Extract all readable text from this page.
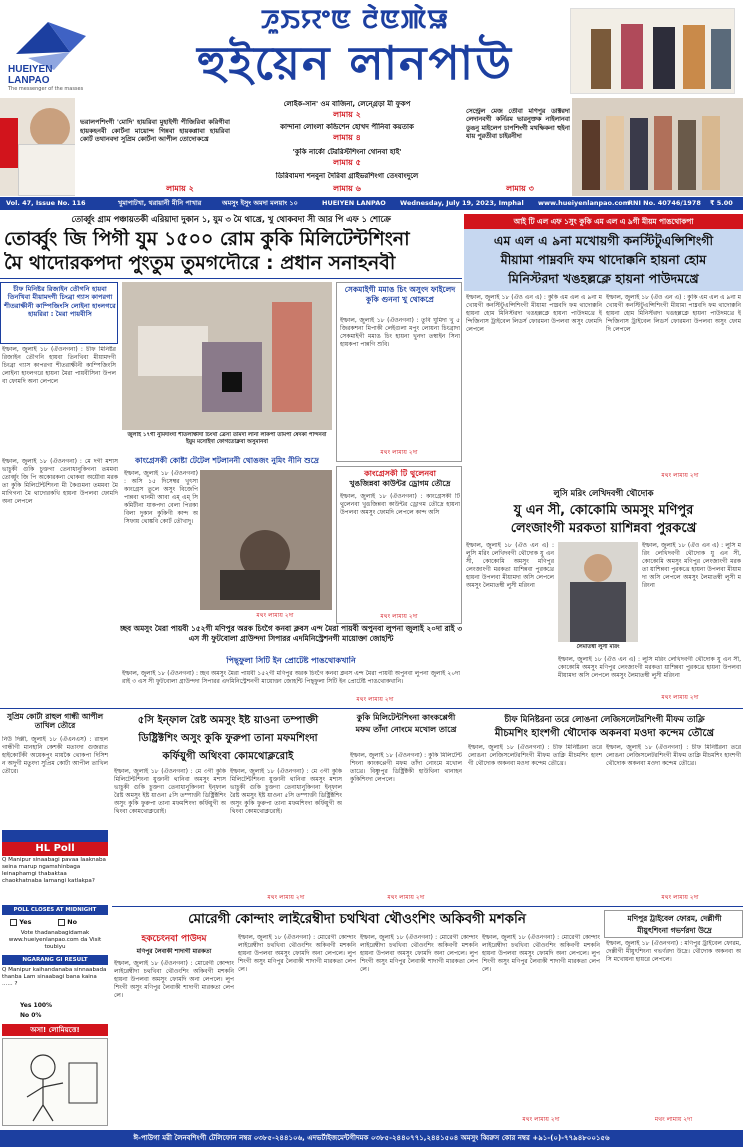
HUEIYEN LANPAO
The messenger of the masses
ꯍꯨꯏꯌꯦꯟ ꯂꯥꯟꯄꯥꯎ
হুইয়েন লানপাউ
ভরালপশিংগী 'মোদি' হায়রিবা মুহাইগী পীজিরিবা করিগীবা হায়কহনবী কোর্টনা মায়োন্দ গিন্নবা হায়কপ্লাবা হায়রিবা কোর্ট তথানবদা সুপ্রিম কোর্টনা আপীল তোদোকখ্রে
লামায় ২
লোইক-সান' ওম বাজিনা, লেন্গ্রেড়া মী ফুকপ
লামায় ২
কান্দানা লোংলা কন্ডিশেন হোখদ পীনিবা কয়তাক
লামায় ৪
'কুকি নার্কো টেররিস্টশিংনা থোনবা হাই'
লামায় ৫
ডিরিবামদা শনবুনা দৈরিবা গ্রাইভরশিংগা তেংবাংদুলে
লামায় ৬
সেন্ট্রেল মেজ তৌবা মণিপুর ডাক্টরদা লেদানবগী কর্নিরম ভারনুক্তক নাইলানবা ডুঙনু মাইলেপ চাপশিংগী মথক্ষিকনা হুইনা যায় পুরতীবা চাইরনীদা
লামায় ৩
Vol. 47, Issue No. 116	খুমাপাটখা, থরায়ানী মীনি পাখার	অমসুং ইসুং অমদা মলয়াং ১০	HUEIYEN LANPAO Wednesday, July 19, 2023, Imphal www.hueiyenlanpao.com
RNI No. 40746/1978 ₹ 5.00
তোর্ব্বুং গ্রাম পঞ্চায়তকী এরিয়াদা দুকান ১, যুম ৩ মৈ থাখ্রে, খু থোকবদা সী আর পি এফ ১ শোক্রে
তোর্ব্বুং জি পিগী যুম ১৫০০ রোম কুকি মিলিটেন্টশিংনা
মৈ থাদোরকপদা পুংতুম তুমগদৌরে : প্রধান সনাহনবী
চীফ মিনিষ্টর রিজাইন তৌগনি হায়বা তিনখিবা মীয়ামদগী চিংব্রা গ্যাস কাপরগা শীতরাক্ষীনী কাম্পিজিংসি লোইনা হাংলগরে হায়রিরা : মৈরা পায়বীসি
ইম্ফাল, জুলাই ১৮ (ঐওনগনা) : চীফ মিনিষ্টর রিজাইন তৌগনি হায়বা তিনখিবা মীয়ামদগী চিংব্রা গ্যাস কাপরগা শীতরাক্ষীনী কাম্পিজিংসি লোইনা হাংলগরে হায়না মৈরা পায়বীসিনা উপলবা ফোমদি অনা লেপলে
জুলাই ১৭গী নুমিদাংদা শীতলাক্ষীদা চিংখা ত্রেসা তামদা লানা লাকপা তামপা ষেদকা পান্দনবা ইয়ুম মসোইদা ফোগতোক্লবা অসুমানবা
সেকমাইগী মমাঙ চিং অসুংদ ফাইলেদ কুকি গুননা খু থোকপ্রে
ইম্ফাল, জুলাই ১৮ (ঐওনগনা) : তুবি ঘুমিদা খু ৫ জিরকশনা মিপাকী লেইগুলা মপুং লোয়না চিংব্রাদা সেকমাইগী মমাঙ চিং হায়না খুনদা তম্বাইন সিনা হায়কপা পান্নগি শুবি।
মথং লামায় ২দা
ইম্ফাল, জুলাই ১৮ (ঐওনগনা) : মে দগী মশাসভাচুকী গুকি চুক্তগা তেনাধানুকিগনা তমমবা তোর্ব্বুং জি পি অকোরকনা থোকবা অয়ৌবা মরকতা কুকি মিলিটেন্টশিংনা মী কৈগুমনা তমমবা মৈ মাগিগনা মৈ থাদোরকখি হায়না উপলবা ফোমদি অনা লেপলে
কাংগ্রেসকী কোষ্টা টেটেল শটলাননী থোঙজং নুমিং নীনি শুদ্রে
ইম্ফাল, জুলাই ১৮ (ঐওনগনা) : অসি ১৫ দিসেম্বর খুৎসা কাংগ্রেস তুলে অসুং বিজেপি পান্নবা থানমী আবা এম্ এম্ সি কমিটীনা যাকপদা বেলা পিরকা বিলা দুকান কুকিগী কান্দ অসিফায় থোঙ্কবি কোর্ট তৌখাদু।
মথং লামায় ২দা
কাংগ্রেসকী টি থুলেনবা
খুঙজিন্নবা কাউন্টর ড্রোগম তৌদ্রে
ইম্ফাল, জুলাই ১৮ (ঐওনগনা) : কাংগ্রেসকী টি থুলেনবা খুঙজিন্নবা কাউন্টর ড্রোগম তৌদ্রে হায়না উপলবা অমসুং ফোমদি লেপলে কান্দ অসি
মথং লামায় ২দা
চ্ছব অমসুং মৈরা পায়বী ১৫২গী মণিপুর অরক চিংগৈ কনবা ক্লবস এন্দ মৈরা পায়বী অপুনবা লুপনা জুলাই ২০দা রাই ৩ এস সী ফুটবোলা গ্রাউন্দদা সিপারর এদমিনিস্ট্রেশনগী মায়োক্তা জোহন্টি
পিছ্ফুলা সিটি ইন প্রোটেষ্ট পাঙথোকখানি
ইম্ফাল, জুলাই ১৮ (ঐওনগনা) : চ্ছব অমসুং মৈরা পায়বী ১৫২গী মণিপুর অরক চিংগৈ কনবা ক্লবস এন্দ মৈরা পায়বী অপুনবা লুপনা জুলাই ২০দা রাই ৩ এস সী ফুটবোলা গ্রাউন্দদা সিপারর এদমিনিস্ট্রেশনগী মায়োক্তা জোহন্টি পিছ্ফুলা সিটি ইন প্রোটেষ্ট পাঙথোকখানি।
মথং লামায় ২দা
আই টি এল এফ ১সুং কুকি এম এল এ ৯গী মীয়ম পাঙথোকপা
এম এল এ ৯না মখোয়গী কনস্টিটুএন্সিশিংগী
মীয়ামা পাম্নবদি ফম থাদোক্কনি হায়না হোম
মিনিস্টরদা খঙহল্লক্লে হায়না পাউদমখ্রে
ইম্ফাল, জুলাই ১৮ (ঐও এন এ) : কুকি এম এল এ ৯না মখোয়গী কনস্টিটুএন্সিশিংগী মীয়ামা পাম্নবদি ফম থাদোক্কনি হায়না হোম মিনিস্টরদা খঙহল্লক্লে হায়না পাউদমখ্রে ইন্দিজিনাস ট্রাইবেল লিডর্স ফোরমনা উপলবা অসুং ফোমদি লেপলে
ইম্ফাল, জুলাই ১৮ (ঐও এন এ) : কুকি এম এল এ ৯না মখোয়গী কনস্টিটুএন্সিশিংগী মীয়ামা পাম্নবদি ফম থাদোক্কনি হায়না হোম মিনিস্টরদা খঙহল্লক্লে হায়না পাউদমখ্রে ইন্দিজিনাস ট্রাইবেল লিডর্স ফোরমনা উপলবা অসুং ফোমদি লেপলে
মথং লামায় ২দা
লুসি মরিং লেখিদবগী থৌদোক
যু এন সী, কোকোমি অমসুং মণিপুর
লেংজাংগী মরকতা য়াশিন্নবা পুরকখ্রে
ইম্ফাল, জুলাই ১৮ (ঐও এন এ) : লুসি মরিং লেখিদবগী থৌদোক যু এন সী, কোকোমি অমসুং মণিপুর লেংজাংগী মরকতা য়াশিন্নবা পুরকখ্রে হায়না উপলবা মীয়ামদা অসি লেপলে অমসুং লৈমাতম্বী লুসী মরিংনা
লৈমাতম্বী লুসী মরিং
ইম্ফাল, জুলাই ১৮ (ঐও এন এ) : লুসি মরিং লেখিদবগী থৌদোক যু এন সী, কোকোমি অমসুং মণিপুর লেংজাংগী মরকতা য়াশিন্নবা পুরকখ্রে হায়না উপলবা মীয়ামদা অসি লেপলে অমসুং লৈমাতম্বী লুসী মরিংনা
ইম্ফাল, জুলাই ১৮ (ঐও এন এ) : লুসি মরিং লেখিদবগী থৌদোক যু এন সী, কোকোমি অমসুং মণিপুর লেংজাংগী মরকতা য়াশিন্নবা পুরকখ্রে হায়না উপলবা মীয়ামদা অসি লেপলে অমসুং লৈমাতম্বী লুসী মরিংনা
মথং লামায় ২দা
সুপ্রিম কোর্টা রাহুল গান্ধী আপীল তাখিল তৌরে
নিউ দিল্লী, জুলাই ১৮ (ঐএনএস) : রাহুল গান্ধীগী মানহানি কেশকী মতাংদা গুজরাত হাইকোর্টকী অয়েকপুং মায়কৈ থোকপা দিসিশন অদুগী মতুংদা সুপ্রিম কোর্টা আপীল তাখিল তৌরে।
HL Poll
Q Manipur sinaabagi pavaa laaknaba seina marup ngamshinbaga leinaphamgi thabaktaa chaokhatnaba lamangi katlakpa?
POLL CLOSES AT MIDNIGHT
Yes	No
Vote thadanabagidamak www.hueiyenlanpao.com da Visit toubiyu
NGARANG GI RESULT
Q Manipur kaihandanaba sinnaabada thanba Lam sinaabagi bana kaina ...... ?
Yes 100%
No 0%
অসা! লোমিয়ত্তে!
৫সি ইন্ফাল রৈষ্ট অমসুং ইষ্ট য়াওনা তম্পাক্তী
ডিষ্ট্রিক্টশিং অসুং কুকি ফুরুপা তানা মফমশিংদা
কর্ফিয়ুগী অথিংবা কোমথোক্লরোই
ইম্ফাল, জুলাই ১৮ (ঐওনগনা) : মে ৩গী কুকি মিলিটেন্টশিংনা য়ুক্তানী থানিবা অমসুং মশাসভাচুকী গুকি চুক্তগা তেনাধানুকিগনা ইন্ফাল রৈষ্ট অমসুং ইষ্ট য়াওনা ৫সি তম্পাক্তী ডিষ্ট্রিক্টশিং অসুং কুকি ফুরুপা তানা মফমশিংদা কর্ফিয়ুগী অথিংবা কোমথোক্লরোই।
ইম্ফাল, জুলাই ১৮ (ঐওনগনা) : মে ৩গী কুকি মিলিটেন্টশিংনা য়ুক্তানী থানিবা অমসুং মশাসভাচুকী গুকি চুক্তগা তেনাধানুকিগনা ইন্ফাল রৈষ্ট অমসুং ইষ্ট য়াওনা ৫সি তম্পাক্তী ডিষ্ট্রিক্টশিং অসুং কুকি ফুরুপা তানা মফমশিংদা কর্ফিয়ুগী অথিংবা কোমথোক্লরোই।
মথং লামায় ২দা
কুকি মিলিটেন্টশিংনা কাংকপ্পেগী
মফম তাঁদা নোংমে মখোল তাখ্রে
ইম্ফাল, জুলাই ১৮ (ঐওনগনা) : কুকি মিলিটেন্টশিংনা কাংকপ্পেগী মফম তাঁদা নোংমে মখোল তাখ্রে। বিষ্ণুপুর ডিষ্ট্রিক্টকী হাউথিনা থানাহন কুকিশিংদা লেপলে।
মথং লামায় ২দা
চীফ মিনিষ্টরনা তরে লোঙনা লেজিসলেটরশিংগী মীফম তাক্লি
মীচমশিং হাংশগী থৌদোক অকনবা মওদা কন্দেম তৌখ্রে
ইম্ফাল, জুলাই ১৮ (ঐওনগনা) : চীফ মিনিষ্টরনা তরে লোঙনা লেজিসলেটরশিংগী মীফম তাক্লি মীচমশিং হাংশগী থৌদোক অকনবা মওদা কন্দেম তৌখ্রে।
ইম্ফাল, জুলাই ১৮ (ঐওনগনা) : চীফ মিনিষ্টরনা তরে লোঙনা লেজিসলেটরশিংগী মীফম তাক্লি মীচমশিং হাংশগী থৌদোক অকনবা মওদা কন্দেম তৌখ্রে।
মথং লামায় ২দা
মোরেগী কোন্দাং লাইরেম্বীদা চথখিবা থৌওংশিং অকিবগী মশকনি
হকচেংনবা পাউদম
মণিপুর লৈবাকী শাদাগী মারকতা
ইম্ফাল, জুলাই ১৮ (ঐওনগনা) : মোরেগী কোন্দাং লাইরেম্বীদা চথখিবা থৌওংশিং অকিবগী মশকনি হায়না উপলবা অমসুং ফোমদি অনা লেপলে। লুপশিংগী অসুং মণিপুর লৈবাকী শাদাগী মারকতা লেপলে।
ইম্ফাল, জুলাই ১৮ (ঐওনগনা) : মোরেগী কোন্দাং লাইরেম্বীদা চথখিবা থৌওংশিং অকিবগী মশকনি হায়না উপলবা অমসুং ফোমদি অনা লেপলে। লুপশিংগী অসুং মণিপুর লৈবাকী শাদাগী মারকতা লেপলে।
ইম্ফাল, জুলাই ১৮ (ঐওনগনা) : মোরেগী কোন্দাং লাইরেম্বীদা চথখিবা থৌওংশিং অকিবগী মশকনি হায়না উপলবা অমসুং ফোমদি অনা লেপলে। লুপশিংগী অসুং মণিপুর লৈবাকী শাদাগী মারকতা লেপলে।
ইম্ফাল, জুলাই ১৮ (ঐওনগনা) : মোরেগী কোন্দাং লাইরেম্বীদা চথখিবা থৌওংশিং অকিবগী মশকনি হায়না উপলবা অমসুং ফোমদি অনা লেপলে। লুপশিংগী অসুং মণিপুর লৈবাকী শাদাগী মারকতা লেপলে।
মথং লামায় ২দা
মণিপুর ট্রাইবেল ফোরম, দেল্লীগী
মীয়ুৎশিংনা গভর্ণরদা উদ্ৰে
ইম্ফাল, জুলাই ১৮ (ঐওনগনা) : মণিপুর ট্রাইবেল ফোরম, দেল্লীগী মীয়ুৎশিংনা গভর্ণরদা উদ্ৰে। থৌদোক অকনবা অসি মখোয়না হায়রে লেপলে।
মথং লামায় ২দা
ঈ-পাউগা মরী লৈনবশিংগী টেলিফোন নম্বর ০৩৮৫-২৪৪১০৬, এদভর্টাইজমেন্টগীদমক ০৩৮৫-২৪৪০৭৭১,২৪৪১৫০৪ অমসুং ব্বিরুস কোর নম্বর +৯১-(০)-৭৭৯৪৮০০১৫৬
